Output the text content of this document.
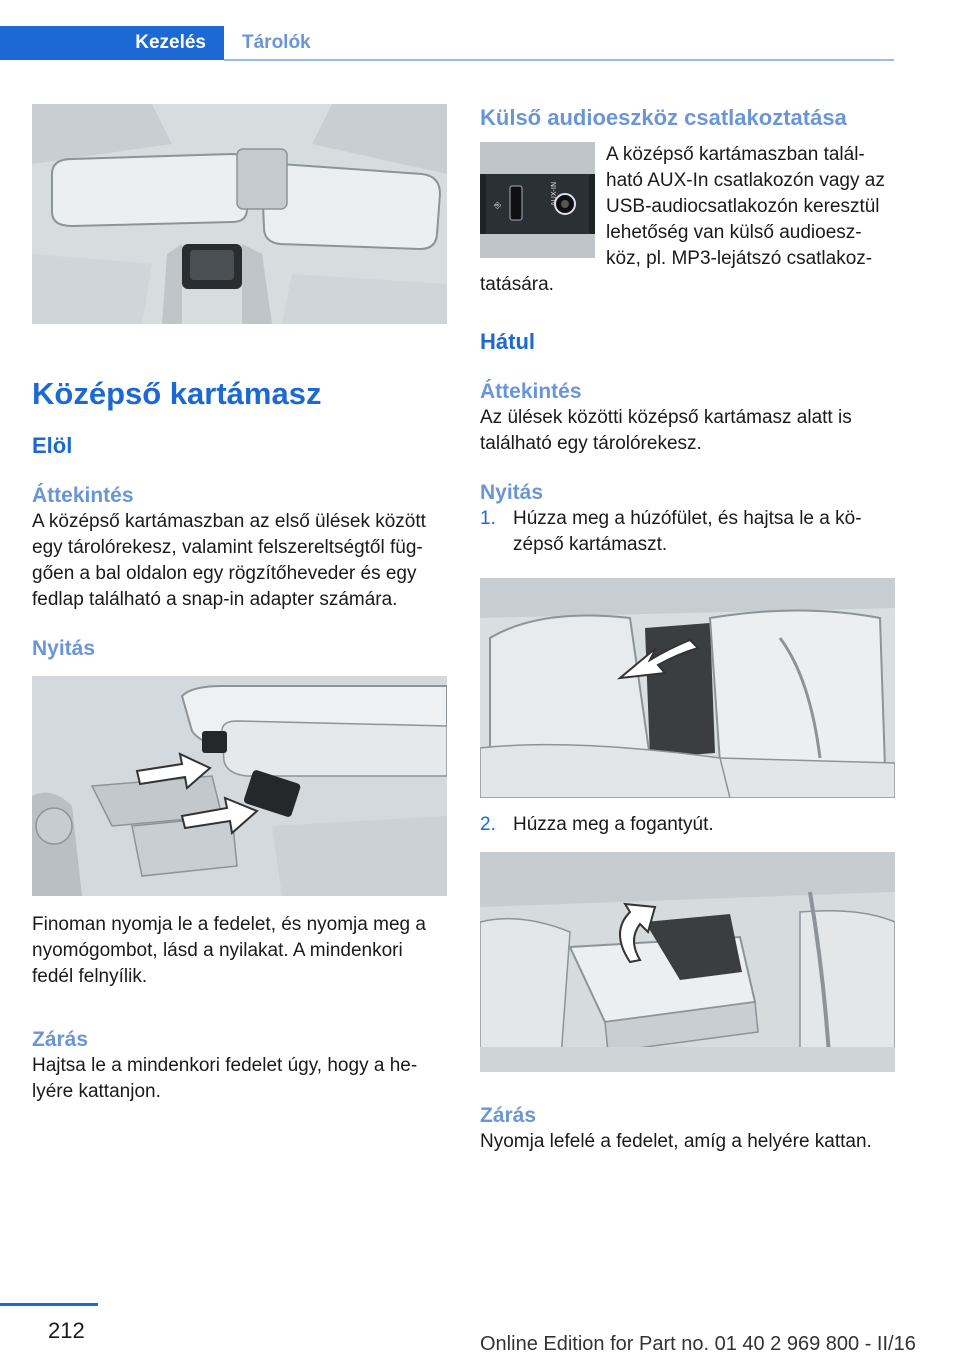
Kezelés	Tárolók
Középső kartámasz
Elöl
Áttekintés

A középső kartámaszban az első ülések között egy tárolórekesz, valamint felszereltségtől füg-gően a bal oldalon egy rögzítőheveder és egy fedlap található a snap-in adapter számára.

Nyitás

Finoman nyomja le a fedelet, és nyomja meg a nyomógombot, lásd a nyilakat. A mindenkori fedél felnyílik.

Zárás

Hajtsa le a mindenkori fedelet úgy, hogy a he-lyére kattanjon.

Külső audioeszköz csatlakoztatása
⎆	AUX-IN

A középső kartámaszban talál-ható AUX-In csatlakozón vagy az USB-audiocsatlakozón keresztül lehetőség van külső audioesz-köz, pl. MP3-lejátszó csatlakoz-tatására.

Hátul
Áttekintés

Az ülések közötti középső kartámasz alatt is található egy tárolórekesz.

Nyitás
1. Húzza meg a húzófület, és hajtsa le a kö-zépső kartámaszt.
2. Húzza meg a fogantyút.
Zárás

Nyomja lefelé a fedelet, amíg a helyére kattan.

212
Online Edition for Part no. 01 40 2 969 800 - II/16
